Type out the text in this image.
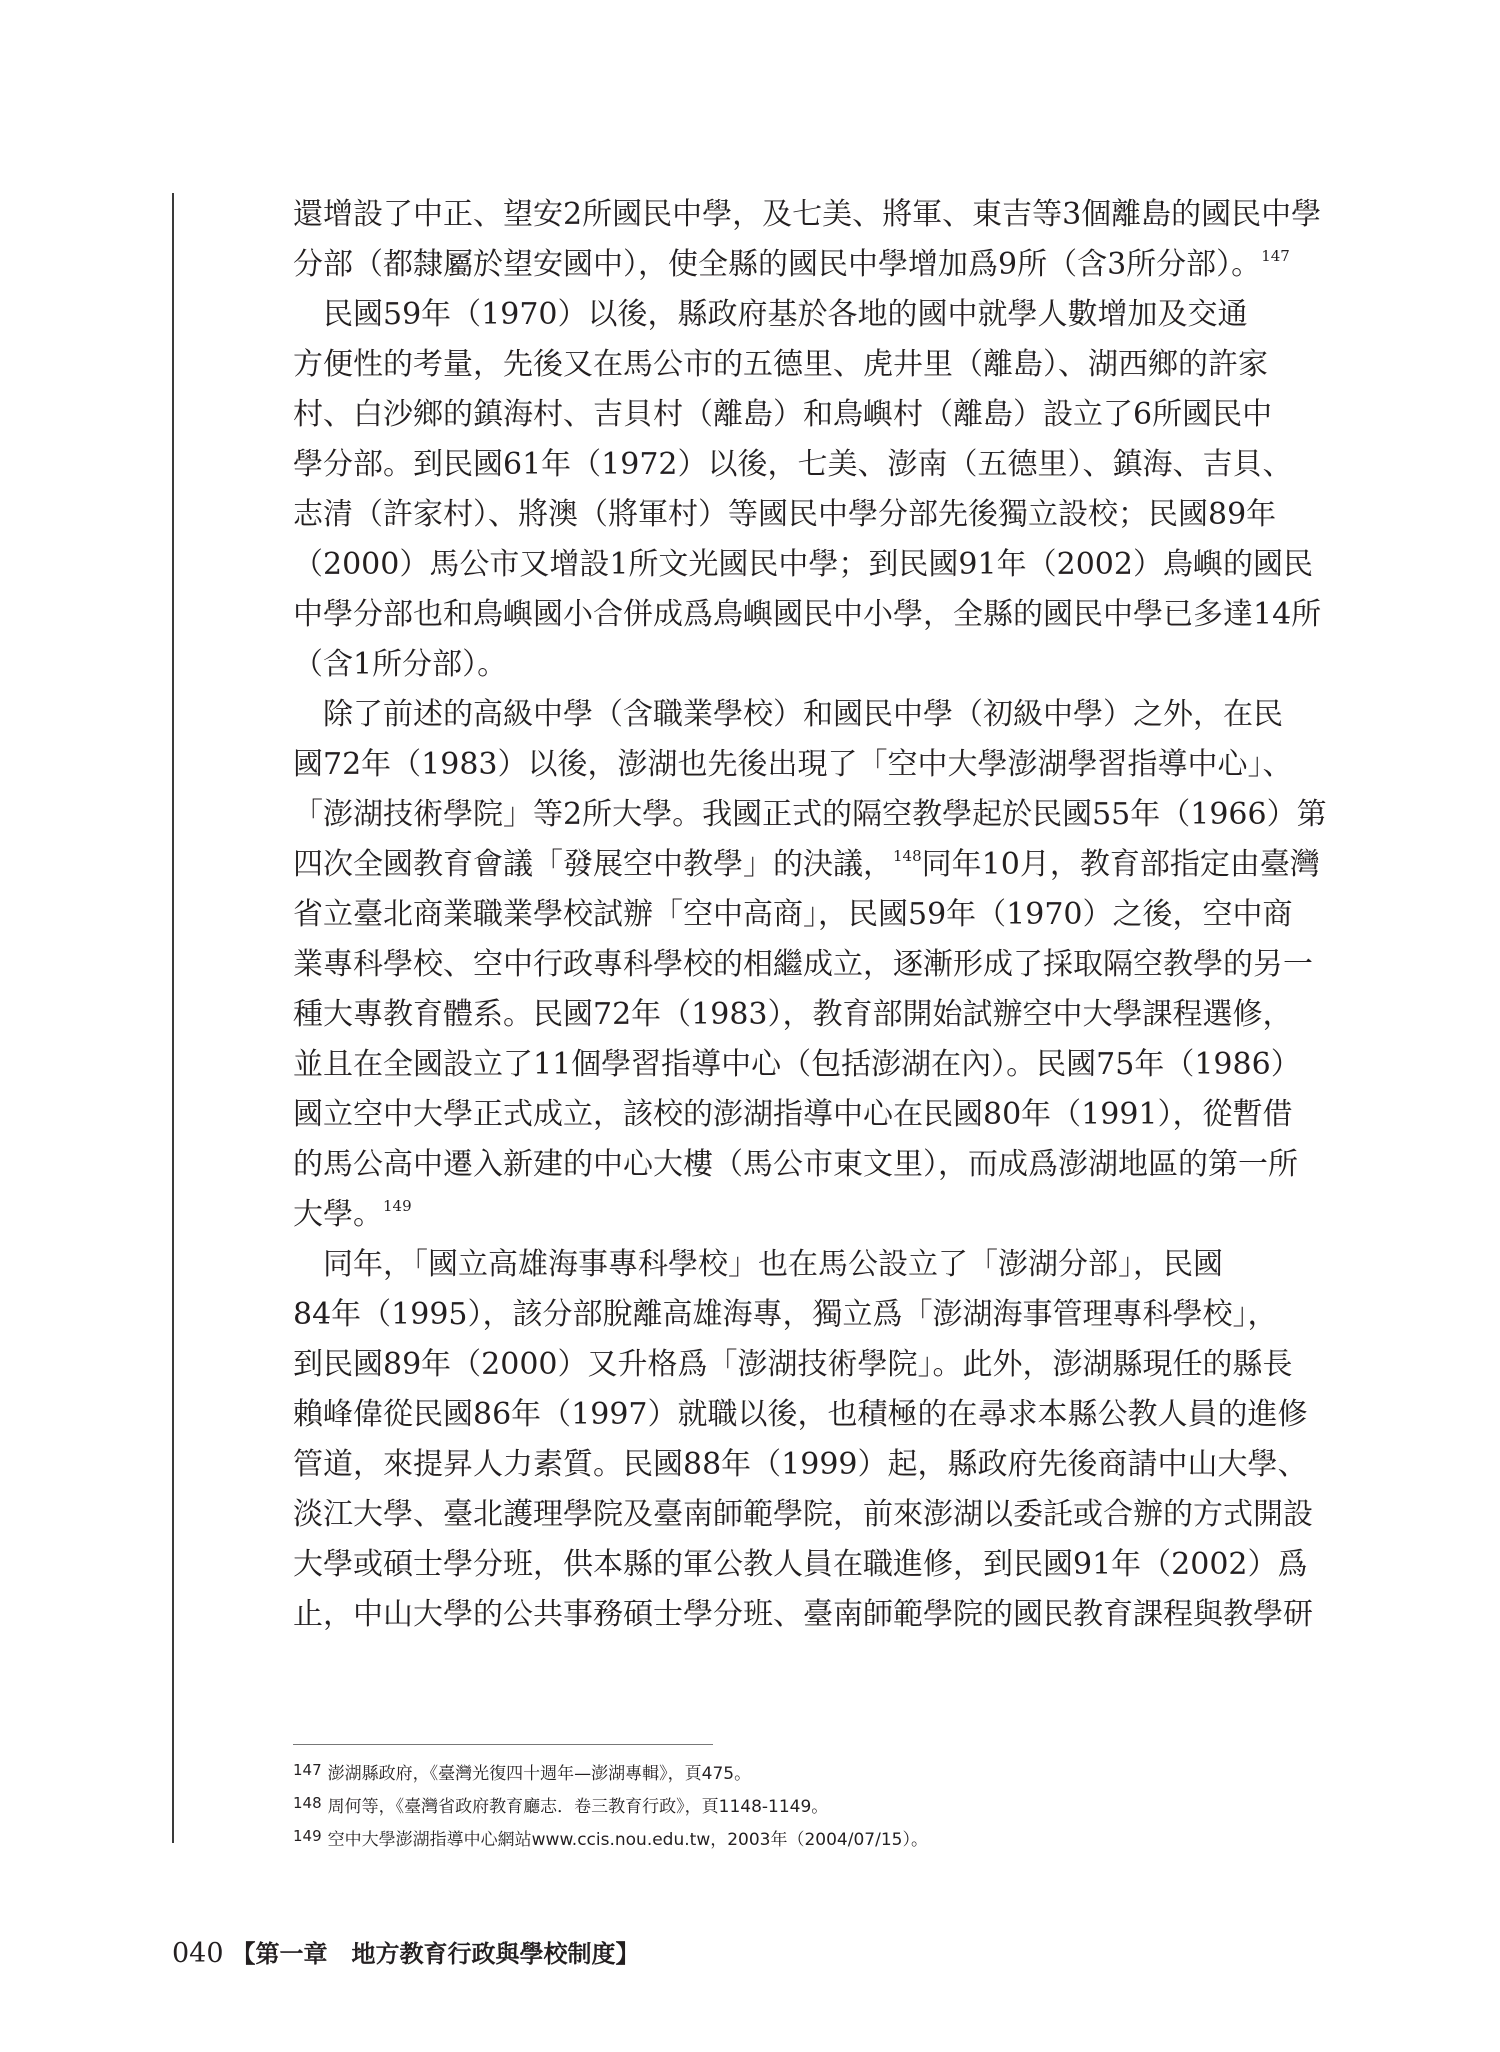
還增設了中正、望安2所國民中學，及七美、將軍、東吉等3個離島的國民中學
分部（都隸屬於望安國中），使全縣的國民中學增加爲9所（含3所分部）。$^{147}$
　民國59年（1970）以後，縣政府基於各地的國中就學人數增加及交通
方便性的考量，先後又在馬公市的五德里、虎井里（離島）、湖西鄉的許家
村、白沙鄉的鎮海村、吉貝村（離島）和鳥嶼村（離島）設立了6所國民中
學分部。到民國61年（1972）以後，七美、澎南（五德里）、鎮海、吉貝、
志清（許家村）、將澳（將軍村）等國民中學分部先後獨立設校；民國89年
（2000）馬公市又增設1所文光國民中學；到民國91年（2002）鳥嶼的國民
中學分部也和鳥嶼國小合併成爲鳥嶼國民中小學，全縣的國民中學已多達14所
（含1所分部）。
　除了前述的高級中學（含職業學校）和國民中學（初級中學）之外，在民
國72年（1983）以後，澎湖也先後出現了「空中大學澎湖學習指導中心」、
「澎湖技術學院」等2所大學。我國正式的隔空教學起於民國55年（1966）第
四次全國教育會議「發展空中教學」的決議，$^{148}$同年10月，教育部指定由臺灣
省立臺北商業職業學校試辦「空中高商」，民國59年（1970）之後，空中商
業專科學校、空中行政專科學校的相繼成立，逐漸形成了採取隔空教學的另一
種大專教育體系。民國72年（1983），教育部開始試辦空中大學課程選修，
並且在全國設立了11個學習指導中心（包括澎湖在內）。民國75年（1986）
國立空中大學正式成立，該校的澎湖指導中心在民國80年（1991），從暫借
的馬公高中遷入新建的中心大樓（馬公市東文里），而成爲澎湖地區的第一所
大學。$^{149}$
　同年，「國立高雄海事專科學校」也在馬公設立了「澎湖分部」，民國
84年（1995），該分部脫離高雄海專，獨立爲「澎湖海事管理專科學校」，
到民國89年（2000）又升格爲「澎湖技術學院」。此外，澎湖縣現任的縣長
賴峰偉從民國86年（1997）就職以後，也積極的在尋求本縣公教人員的進修
管道，來提昇人力素質。民國88年（1999）起，縣政府先後商請中山大學、
淡江大學、臺北護理學院及臺南師範學院，前來澎湖以委託或合辦的方式開設
大學或碩士學分班，供本縣的軍公教人員在職進修，到民國91年（2002）爲
止，中山大學的公共事務碩士學分班、臺南師範學院的國民教育課程與教學研
147 澎湖縣政府，《臺灣光復四十週年—澎湖專輯》，頁475。
148 周何等，《臺灣省政府教育廳志．卷三教育行政》，頁1148-1149。
149 空中大學澎湖指導中心網站www.ccis.nou.edu.tw，2003年（2004/07/15）。
040 【第一章　地方教育行政與學校制度】
